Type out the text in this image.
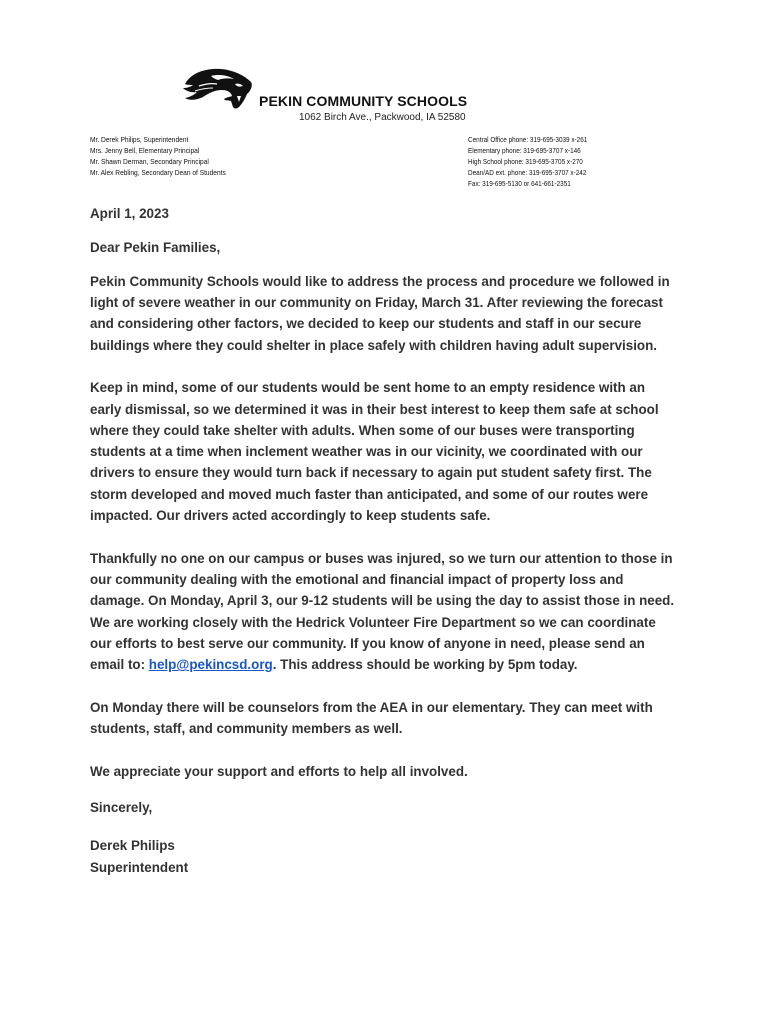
PEKIN COMMUNITY SCHOOLS
1062 Birch Ave., Packwood, IA 52580
Mr. Derek Philips, Superintendent
Mrs. Jenny Bell, Elementary Principal
Mr. Shawn Derman, Secondary Principal
Mr. Alex Rebling, Secondary Dean of Students
Central Office phone: 319-695-3039 x-261
Elementary phone: 319-695-3707 x-146
High School phone: 319-695-3705 x-270
Dean/AD ext. phone: 319-695-3707 x-242
Fax: 319-695-5130 or 641-661-2351

April 1, 2023

Dear Pekin Families,

Pekin Community Schools would like to address the process and procedure we followed in light of severe weather in our community on Friday, March 31. After reviewing the forecast and considering other factors, we decided to keep our students and staff in our secure buildings where they could shelter in place safely with children having adult supervision.

Keep in mind, some of our students would be sent home to an empty residence with an early dismissal, so we determined it was in their best interest to keep them safe at school where they could take shelter with adults. When some of our buses were transporting students at a time when inclement weather was in our vicinity, we coordinated with our drivers to ensure they would turn back if necessary to again put student safety first. The storm developed and moved much faster than anticipated, and some of our routes were impacted. Our drivers acted accordingly to keep students safe.

Thankfully no one on our campus or buses was injured, so we turn our attention to those in our community dealing with the emotional and financial impact of property loss and damage. On Monday, April 3, our 9-12 students will be using the day to assist those in need. We are working closely with the Hedrick Volunteer Fire Department so we can coordinate our efforts to best serve our community. If you know of anyone in need, please send an email to: help@pekincsd.org. This address should be working by 5pm today.

On Monday there will be counselors from the AEA in our elementary. They can meet with students, staff, and community members as well.

We appreciate your support and efforts to help all involved.

Sincerely,

Derek Philips

Superintendent
